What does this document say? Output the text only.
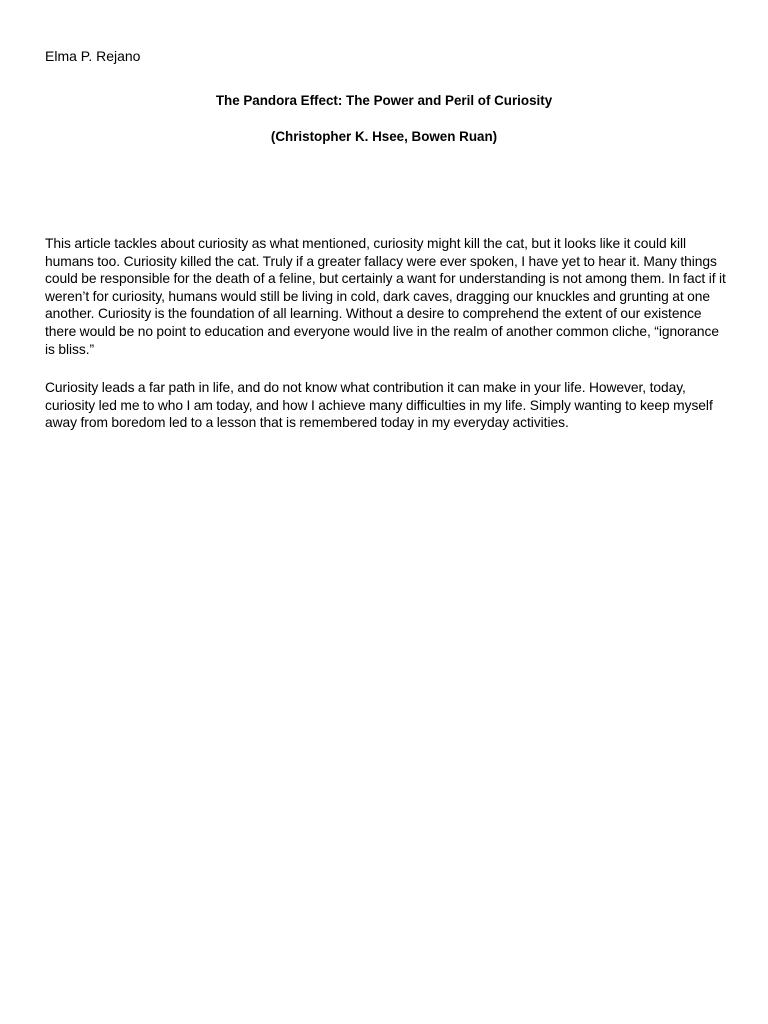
Elma P. Rejano
The Pandora Effect: The Power and Peril of Curiosity
(Christopher K. Hsee, Bowen Ruan)
This article tackles about curiosity as what mentioned, curiosity might kill the cat, but it looks like it could kill humans too. Curiosity killed the cat. Truly if a greater fallacy were ever spoken, I have yet to hear it. Many things could be responsible for the death of a feline, but certainly a want for understanding is not among them. In fact if it weren’t for curiosity, humans would still be living in cold, dark caves, dragging our knuckles and grunting at one another. Curiosity is the foundation of all learning. Without a desire to comprehend the extent of our existence there would be no point to education and everyone would live in the realm of another common cliche, “ignorance is bliss.”
Curiosity leads a far path in life, and do not know what contribution it can make in your life. However, today, curiosity led me to who I am today, and how I achieve many difficulties in my life. Simply wanting to keep myself away from boredom led to a lesson that is remembered today in my everyday activities.
